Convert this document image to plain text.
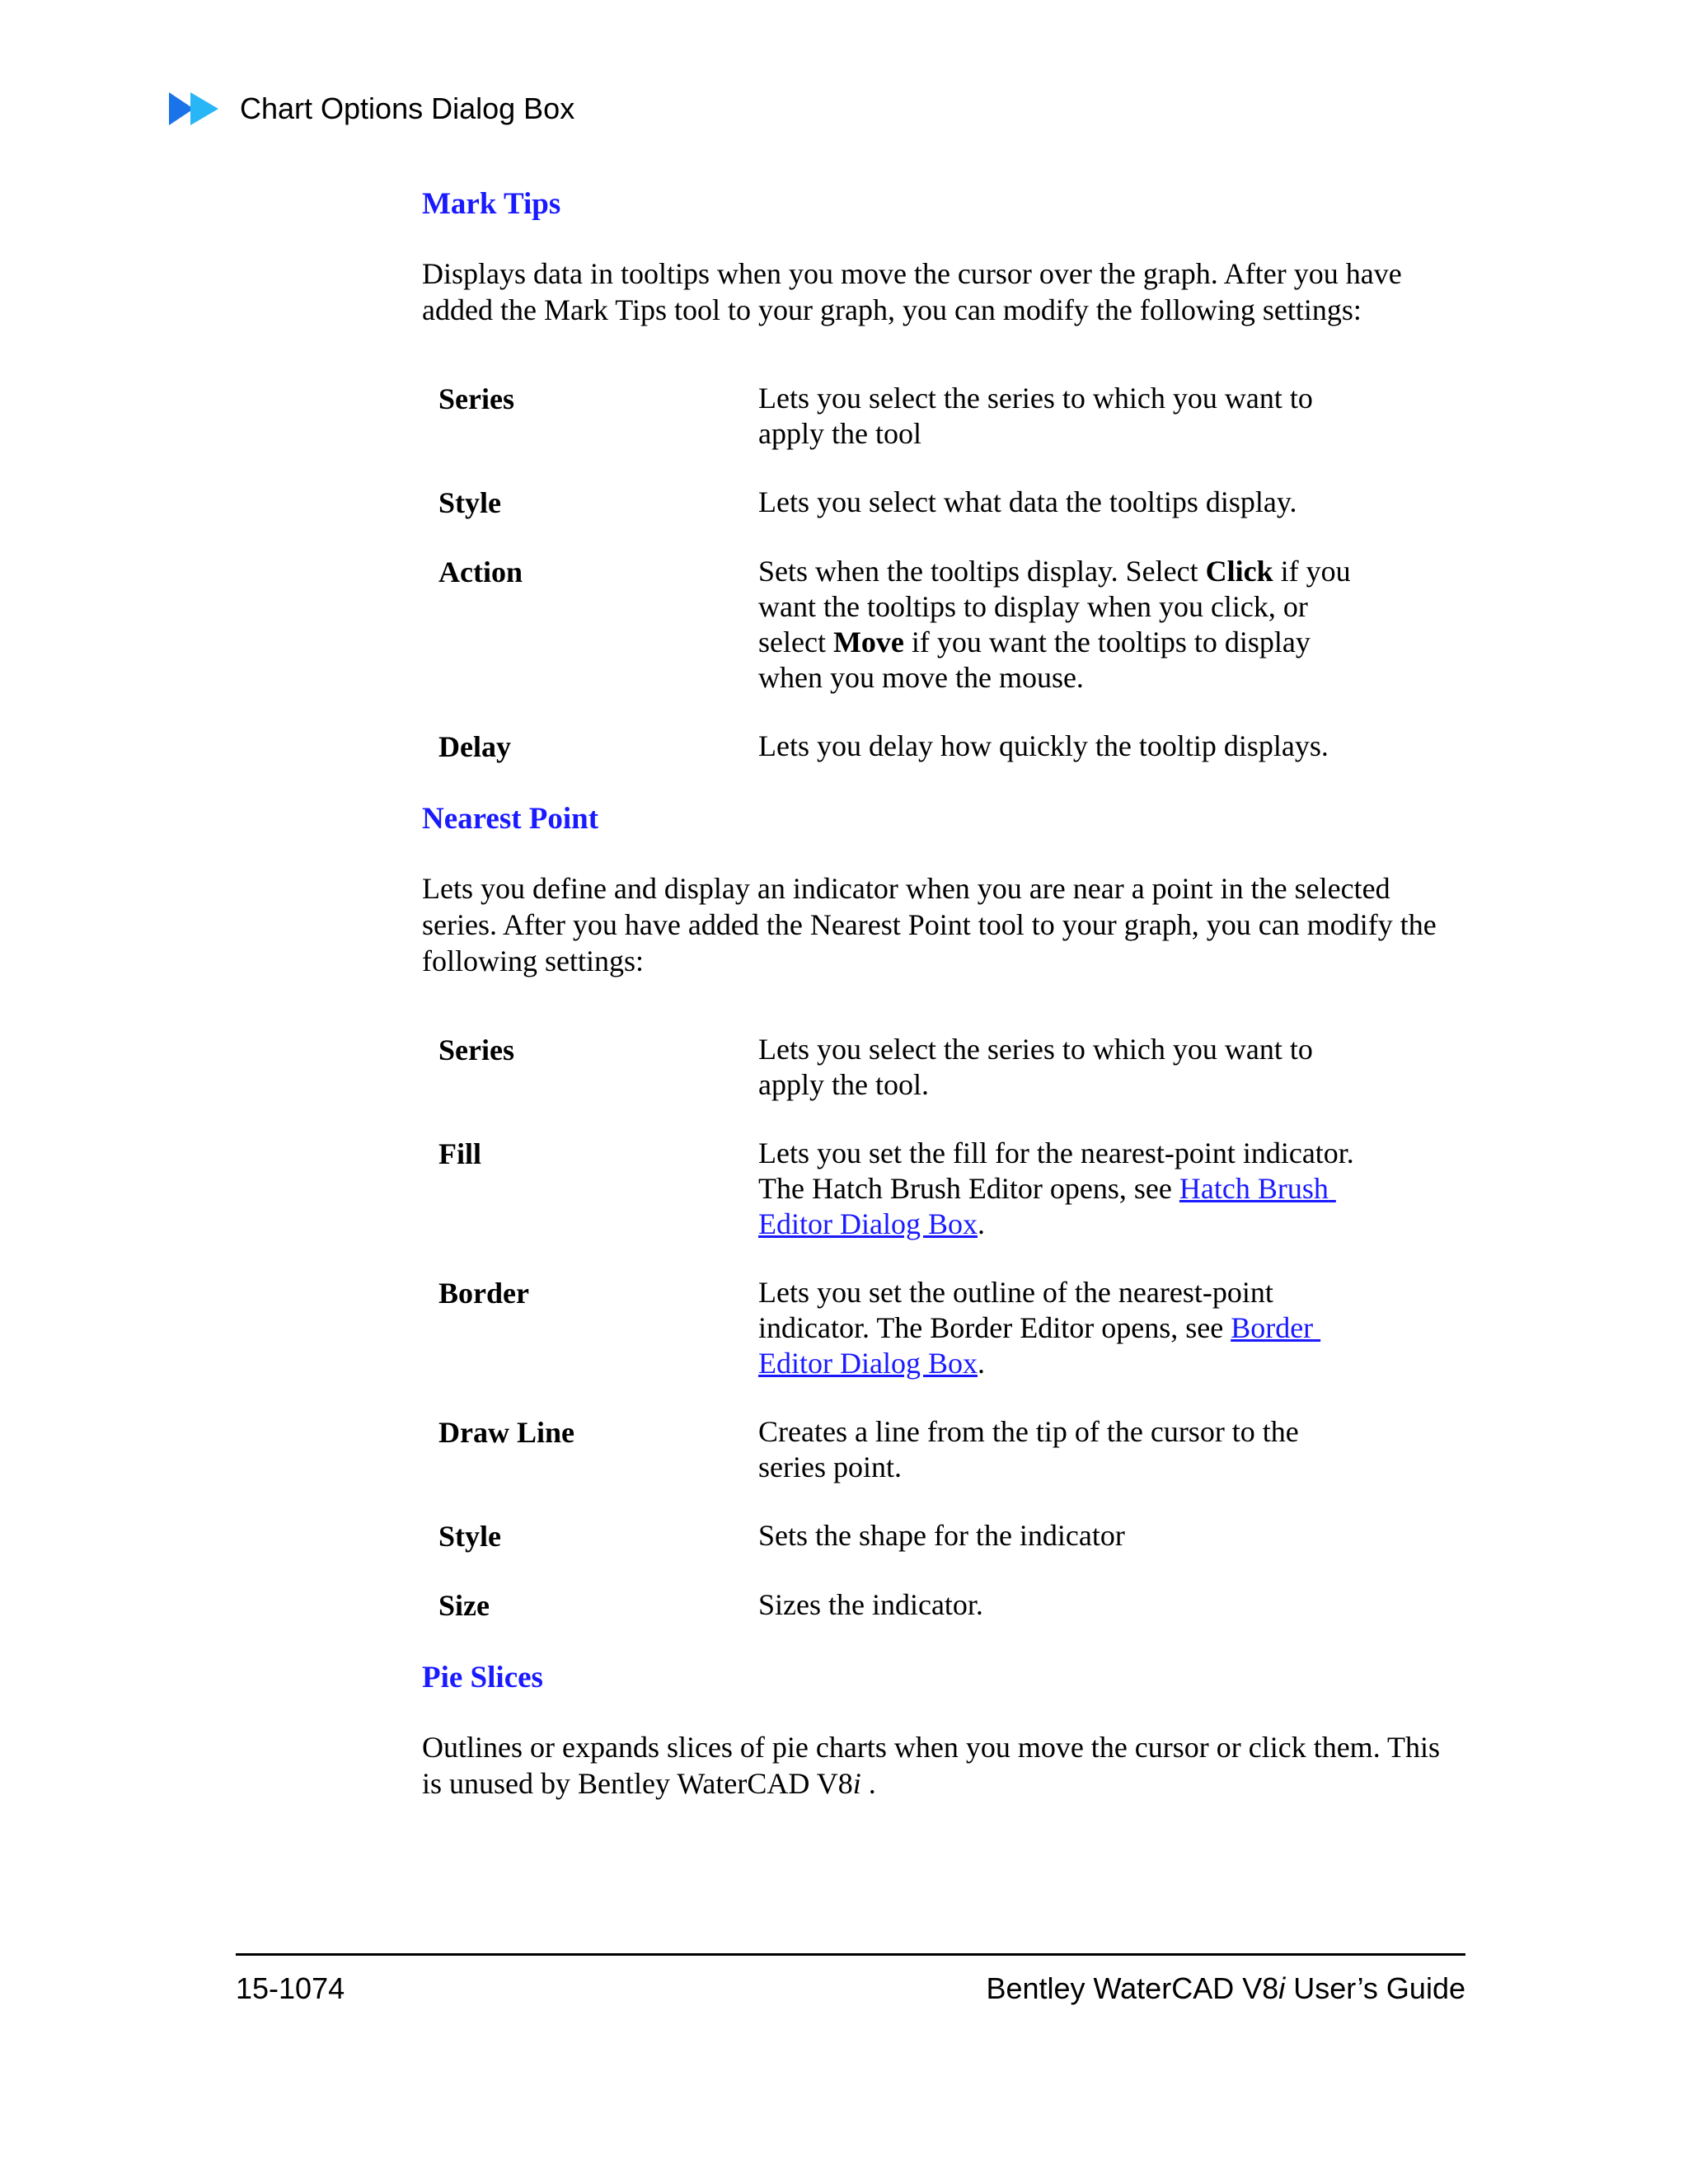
Chart Options Dialog Box
Mark Tips

Displays data in tooltips when you move the cursor over the graph. After you have
added the Mark Tips tool to your graph, you can modify the following settings:

Series	Lets you select the series to which you want to
apply the tool
Style	Lets you select what data the tooltips display.
Action	Sets when the tooltips display. Select Click if you
want the tooltips to display when you click, or
select Move if you want the tooltips to display
when you move the mouse.
Delay	Lets you delay how quickly the tooltip displays.
Nearest Point

Lets you define and display an indicator when you are near a point in the selected
series. After you have added the Nearest Point tool to your graph, you can modify the
following settings:

Series	Lets you select the series to which you want to
apply the tool.
Fill	Lets you set the fill for the nearest-point indicator.
The Hatch Brush Editor opens, see Hatch Brush
Editor Dialog Box.
Border	Lets you set the outline of the nearest-point
indicator. The Border Editor opens, see Border
Editor Dialog Box.
Draw Line	Creates a line from the tip of the cursor to the
series point.
Style	Sets the shape for the indicator
Size	Sizes the indicator.
Pie Slices

Outlines or expands slices of pie charts when you move the cursor or click them. This
is unused by Bentley WaterCAD V8i .

15-1074	Bentley WaterCAD V8i User’s Guide
